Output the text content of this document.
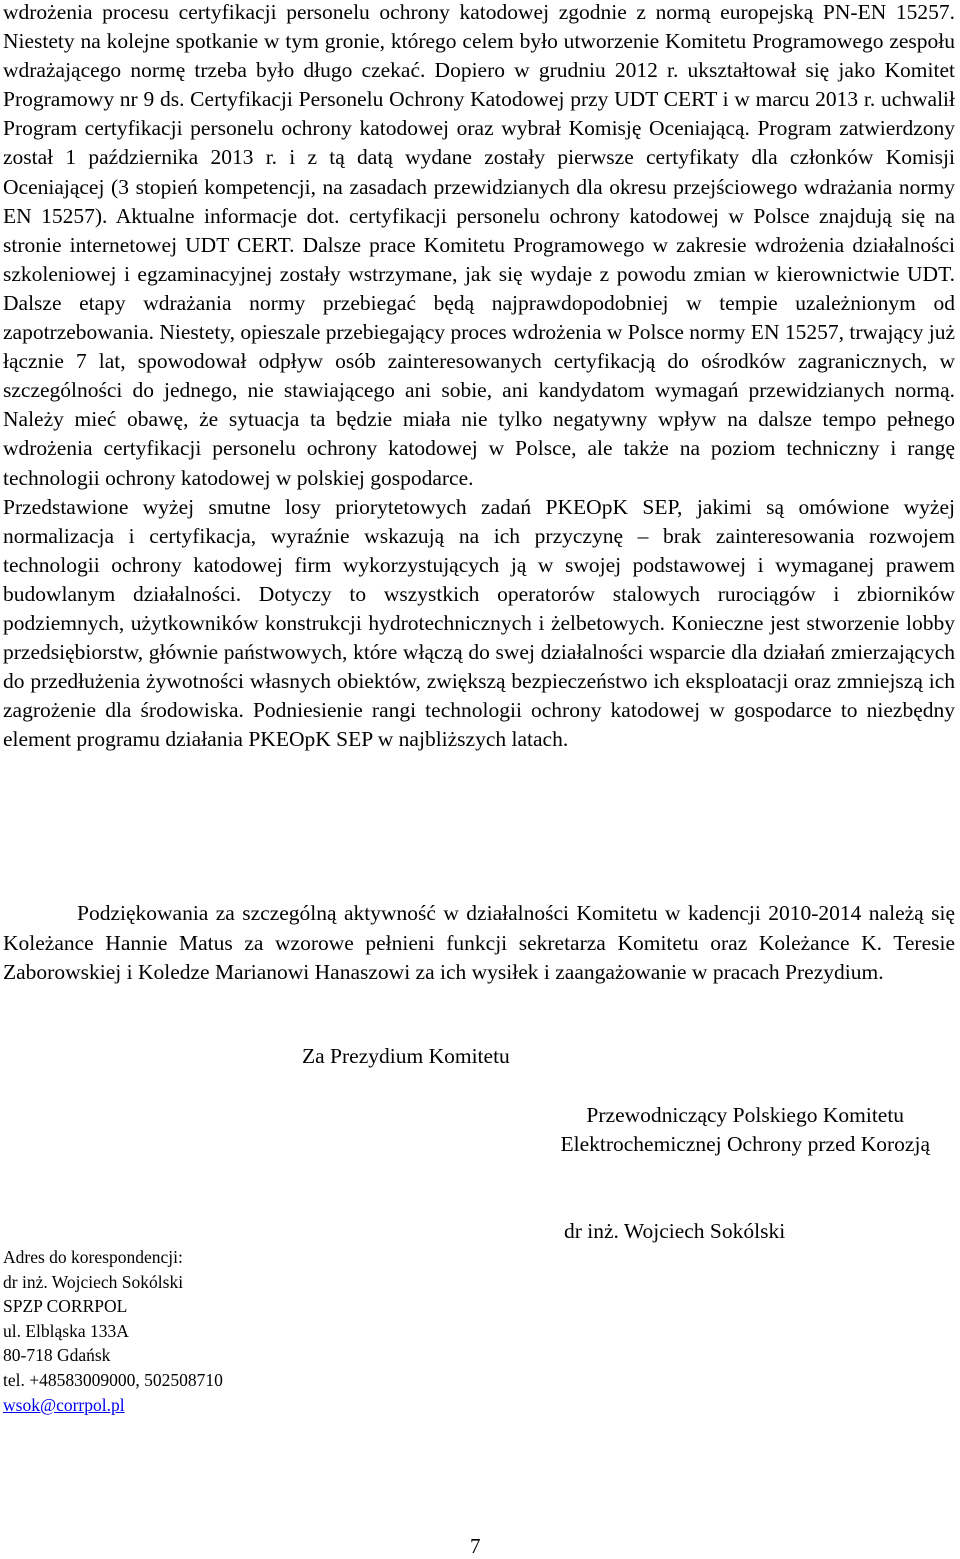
wdrożenia procesu certyfikacji personelu ochrony katodowej zgodnie z normą europejską PN-EN 15257. Niestety na kolejne spotkanie w tym gronie, którego celem było utworzenie Komitetu Programowego zespołu wdrażającego normę trzeba było długo czekać. Dopiero w grudniu 2012 r. ukształtował się jako Komitet Programowy nr 9 ds. Certyfikacji Personelu Ochrony Katodowej przy UDT CERT i w marcu 2013 r. uchwalił Program certyfikacji personelu ochrony katodowej oraz wybrał Komisję Oceniającą. Program zatwierdzony został 1 października 2013 r. i z tą datą wydane zostały pierwsze certyfikaty dla członków Komisji Oceniającej (3 stopień kompetencji, na zasadach przewidzianych dla okresu przejściowego wdrażania normy EN 15257). Aktualne informacje dot. certyfikacji personelu ochrony katodowej w Polsce znajdują się na stronie internetowej UDT CERT. Dalsze prace Komitetu Programowego w zakresie wdrożenia działalności szkoleniowej i egzaminacyjnej zostały wstrzymane, jak się wydaje z powodu zmian w kierownictwie UDT. Dalsze etapy wdrażania normy przebiegać będą najprawdopodobniej w tempie uzależnionym od zapotrzebowania. Niestety, opieszale przebiegający proces wdrożenia w Polsce normy EN 15257, trwający już łącznie 7 lat, spowodował odpływ osób zainteresowanych certyfikacją do ośrodków zagranicznych, w szczególności do jednego, nie stawiającego ani sobie, ani kandydatom wymagań przewidzianych normą. Należy mieć obawę, że sytuacja ta będzie miała nie tylko negatywny wpływ na dalsze tempo pełnego wdrożenia certyfikacji personelu ochrony katodowej w Polsce, ale także na poziom techniczny i rangę technologii ochrony katodowej w polskiej gospodarce.

Przedstawione wyżej smutne losy priorytetowych zadań PKEOpK SEP, jakimi są omówione wyżej normalizacja i certyfikacja, wyraźnie wskazują na ich przyczynę – brak zainteresowania rozwojem technologii ochrony katodowej firm wykorzystujących ją w swojej podstawowej i wymaganej prawem budowlanym działalności. Dotyczy to wszystkich operatorów stalowych rurociągów i zbiorników podziemnych, użytkowników konstrukcji hydrotechnicznych i żelbetowych. Konieczne jest stworzenie lobby przedsiębiorstw, głównie państwowych, które włączą do swej działalności wsparcie dla działań zmierzających do przedłużenia żywotności własnych obiektów, zwiększą bezpieczeństwo ich eksploatacji oraz zmniejszą ich zagrożenie dla środowiska. Podniesienie rangi technologii ochrony katodowej w gospodarce to niezbędny element programu działania PKEOpK SEP w najbliższych latach.

Podziękowania za szczególną aktywność w działalności Komitetu w kadencji 2010-2014 należą się Koleżance Hannie Matus za wzorowe pełnieni funkcji sekretarza Komitetu oraz Koleżance K. Teresie Zaborowskiej i Koledze Marianowi Hanaszowi za ich wysiłek i zaangażowanie w pracach Prezydium.

Za Prezydium Komitetu

Przewodniczący Polskiego Komitetu
Elektrochemicznej Ochrony przed Korozją

dr inż. Wojciech Sokólski

Adres do korespondencji:
dr inż. Wojciech Sokólski
SPZP CORRPOL
ul. Elbląska 133A
80-718 Gdańsk
tel. +48583009000, 502508710
wsok@corrpol.pl

7
